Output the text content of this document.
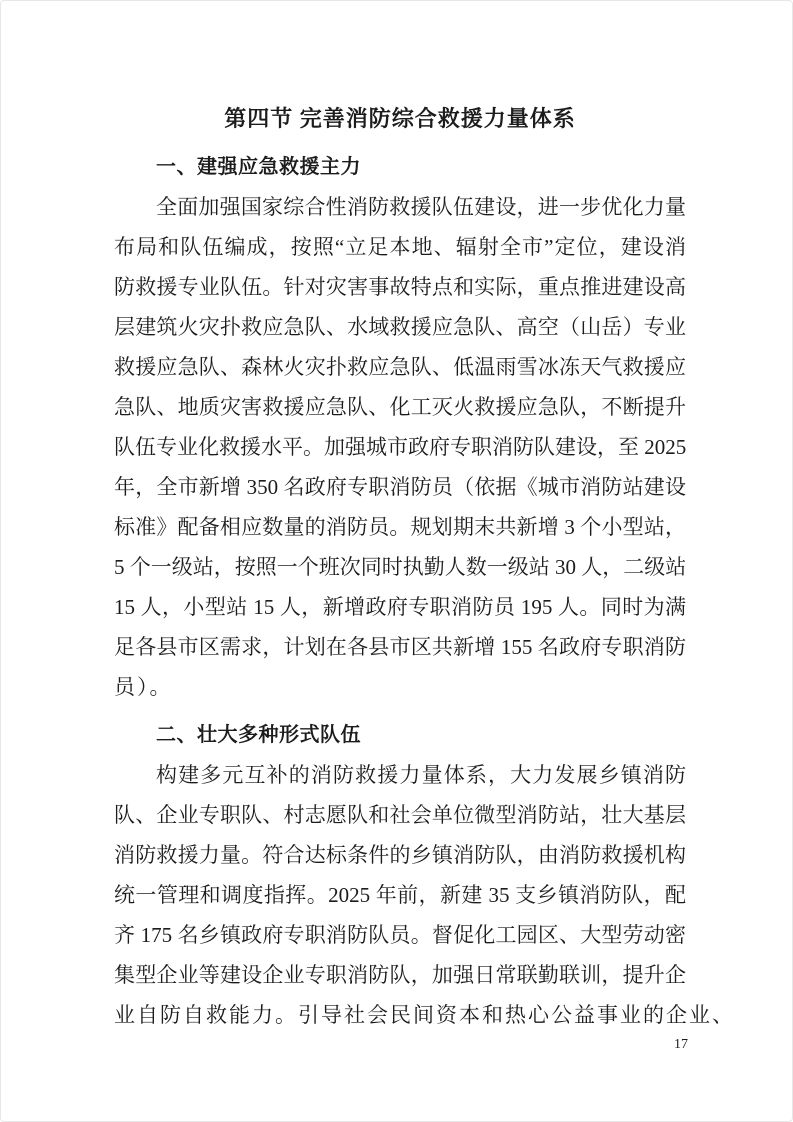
第四节 完善消防综合救援力量体系
一、建强应急救援主力
全面加强国家综合性消防救援队伍建设，进一步优化力量
布局和队伍编成，按照“立足本地、辐射全市”定位，建设消
防救援专业队伍。针对灾害事故特点和实际，重点推进建设高
层建筑火灾扑救应急队、水域救援应急队、高空（山岳）专业
救援应急队、森林火灾扑救应急队、低温雨雪冰冻天气救援应
急队、地质灾害救援应急队、化工灭火救援应急队，不断提升
队伍专业化救援水平。加强城市政府专职消防队建设，至 2025
年，全市新增 350 名政府专职消防员（依据《城市消防站建设
标准》配备相应数量的消防员。规划期末共新增 3 个小型站，
5 个一级站，按照一个班次同时执勤人数一级站 30 人，二级站
15 人，小型站 15 人，新增政府专职消防员 195 人。同时为满
足各县市区需求，计划在各县市区共新增 155 名政府专职消防
员）。
二、壮大多种形式队伍
构建多元互补的消防救援力量体系，大力发展乡镇消防
队、企业专职队、村志愿队和社会单位微型消防站，壮大基层
消防救援力量。符合达标条件的乡镇消防队，由消防救援机构
统一管理和调度指挥。2025 年前，新建 35 支乡镇消防队，配
齐 175 名乡镇政府专职消防队员。督促化工园区、大型劳动密
集型企业等建设企业专职消防队，加强日常联勤联训，提升企
业自防自救能力。引导社会民间资本和热心公益事业的企业、
17
